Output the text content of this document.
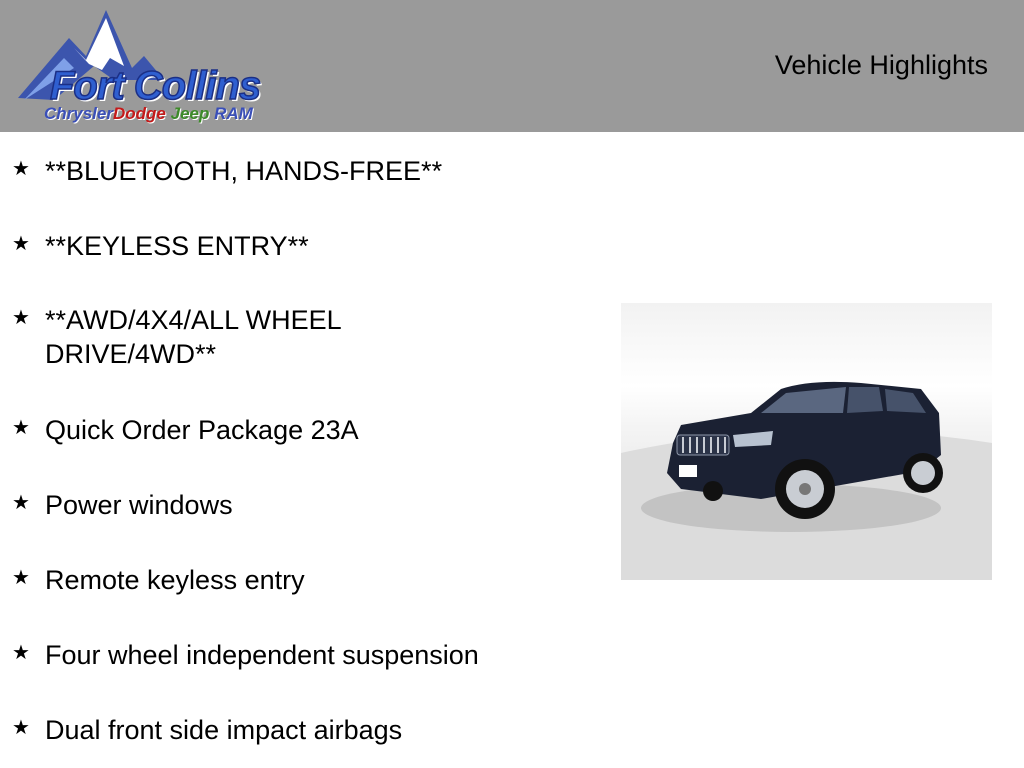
Fort Collins
ChryslerDodge Jeep RAM
Vehicle Highlights
★ **BLUETOOTH, HANDS-FREE**
★ **KEYLESS ENTRY**
★ **AWD/4X4/ALL WHEEL DRIVE/4WD**
★ Quick Order Package 23A
★ Power windows
★ Remote keyless entry
★ Four wheel independent suspension
★ Dual front side impact airbags
